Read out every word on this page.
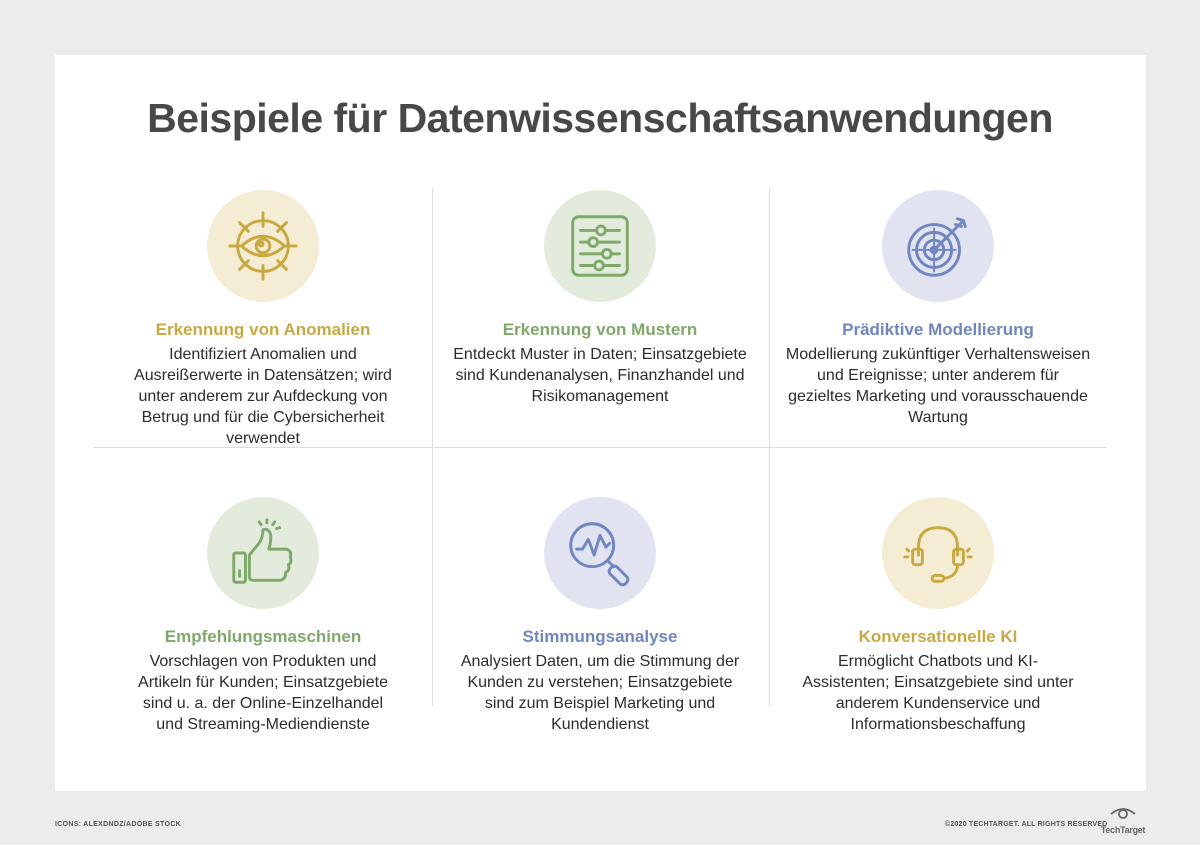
Beispiele für Datenwissenschaftsanwendungen
Erkennung von Anomalien
Identifiziert Anomalien und Ausreißerwerte in Datensätzen; wird unter anderem zur Aufdeckung von Betrug und für die Cybersicherheit verwendet
Erkennung von Mustern
Entdeckt Muster in Daten; Einsatzgebiete sind Kundenanalysen, Finanzhandel und Risikomanagement
Prädiktive Modellierung
Modellierung zukünftiger Verhaltensweisen und Ereignisse; unter anderem für gezieltes Marketing und vorausschauende Wartung
Empfehlungsmaschinen
Vorschlagen von Produkten und Artikeln für Kunden; Einsatzgebiete sind u. a. der Online-Einzelhandel und Streaming-Mediendienste
Stimmungsanalyse
Analysiert Daten, um die Stimmung der Kunden zu verstehen; Einsatzgebiete sind zum Beispiel Marketing und Kundendienst
Konversationelle KI
Ermöglicht Chatbots und KI-Assistenten; Einsatzgebiete sind unter anderem Kundenservice und Informationsbeschaffung
ICONS: ALEXDNDZ/ADOBE STOCK	©2020 TECHTARGET. ALL RIGHTS RESERVED
TechTarget
